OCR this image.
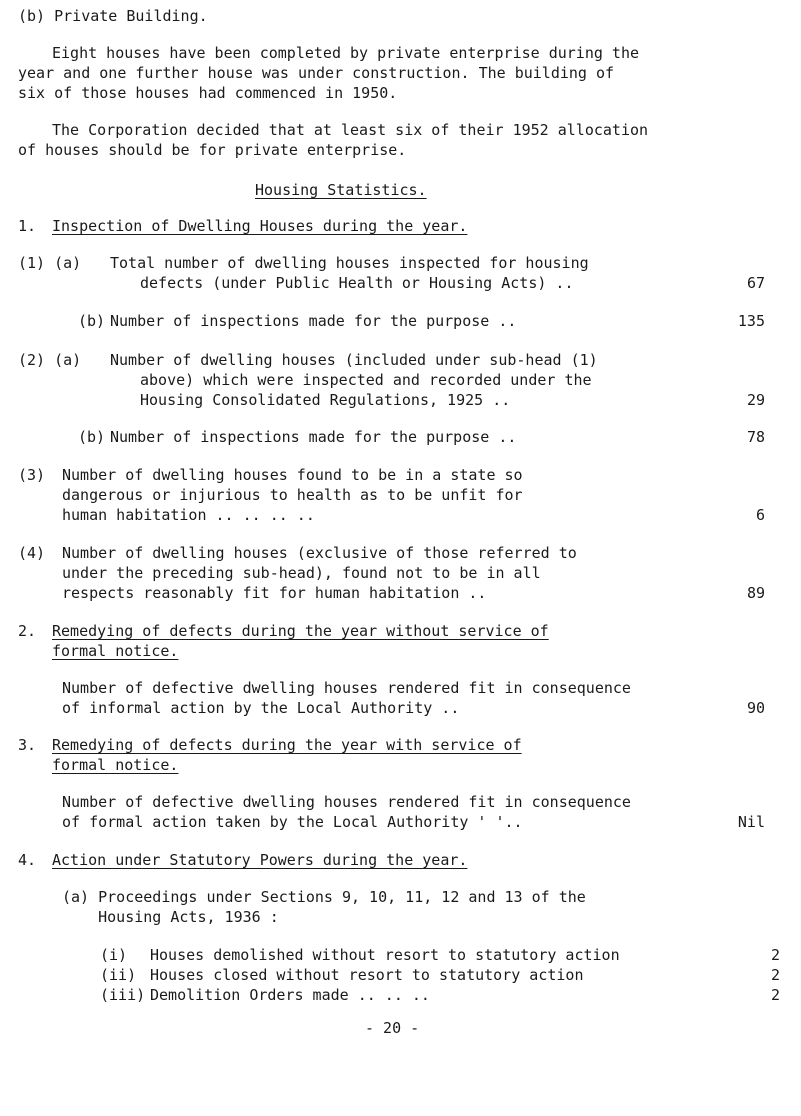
(b) Private Building.
Eight houses have been completed by private enterprise during the
year and one further house was under construction. The building of
six of those houses had commenced in 1950.
The Corporation decided that at least six of their 1952 allocation
of houses should be for private enterprise.
Housing Statistics.
1. Inspection of Dwelling Houses during the year.
(1) (a) Total number of dwelling houses inspected for housing
defects (under Public Health or Housing Acts) ..	67
(b) Number of inspections made for the purpose ..	135
(2) (a) Number of dwelling houses (included under sub-head (1)
above) which were inspected and recorded under the
Housing Consolidated Regulations, 1925 ..	29
(b) Number of inspections made for the purpose ..	78
(3) Number of dwelling houses found to be in a state so
dangerous or injurious to health as to be unfit for
human habitation .. .. .. ..	6
(4) Number of dwelling houses (exclusive of those referred to
under the preceding sub-head), found not to be in all
respects reasonably fit for human habitation ..	89
2. Remedying of defects during the year without service of
formal notice.
Number of defective dwelling houses rendered fit in consequence
of informal action by the Local Authority ..	90
3. Remedying of defects during the year with service of
formal notice.
Number of defective dwelling houses rendered fit in consequence
of formal action taken by the Local Authority ' '..	Nil
4. Action under Statutory Powers during the year.
(a) Proceedings under Sections 9, 10, 11, 12 and 13 of the
Housing Acts, 1936 :
(i) Houses demolished without resort to statutory action	2
(ii) Houses closed without resort to statutory action	2
(iii) Demolition Orders made .. .. ..	2
- 20 -
